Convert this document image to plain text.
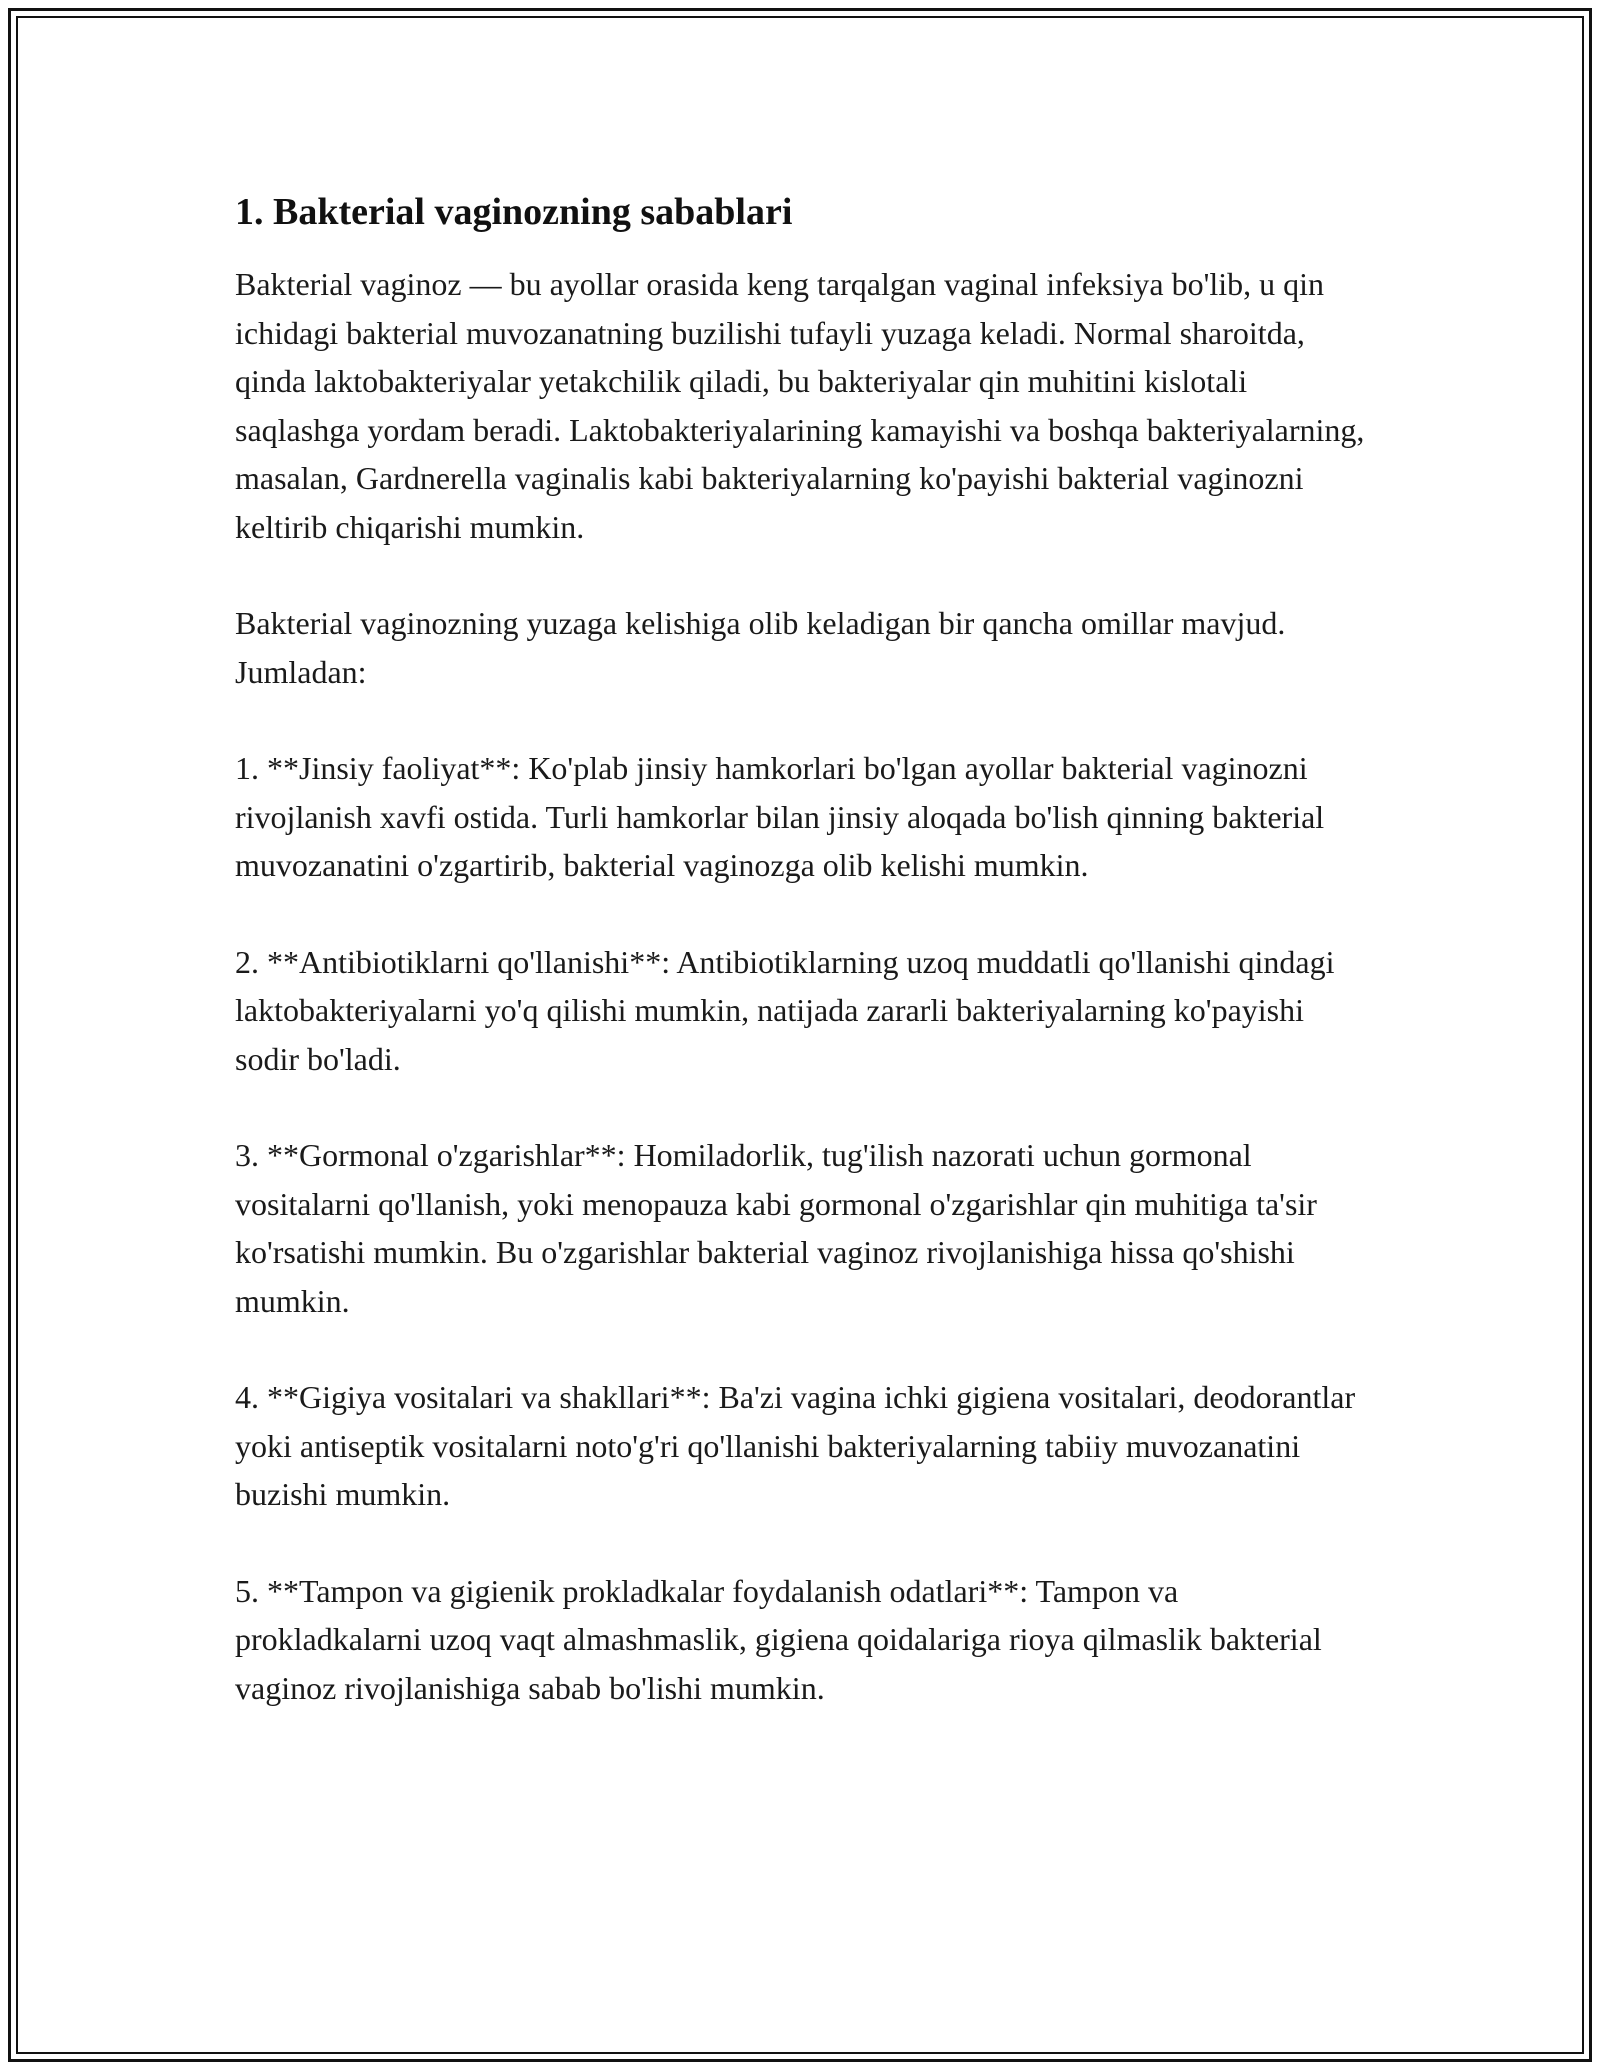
1. Bakterial vaginozning sabablari

Bakterial vaginoz — bu ayollar orasida keng tarqalgan vaginal infeksiya bo'lib, u qin ichidagi bakterial muvozanatning buzilishi tufayli yuzaga keladi. Normal sharoitda, qinda laktobakteriyalar yetakchilik qiladi, bu bakteriyalar qin muhitini kislotali saqlashga yordam beradi. Laktobakteriyalarining kamayishi va boshqa bakteriyalarning, masalan, Gardnerella vaginalis kabi bakteriyalarning ko'payishi bakterial vaginozni keltirib chiqarishi mumkin.

Bakterial vaginozning yuzaga kelishiga olib keladigan bir qancha omillar mavjud. Jumladan:

1. **Jinsiy faoliyat**: Ko'plab jinsiy hamkorlari bo'lgan ayollar bakterial vaginozni rivojlanish xavfi ostida. Turli hamkorlar bilan jinsiy aloqada bo'lish qinning bakterial muvozanatini o'zgartirib, bakterial vaginozga olib kelishi mumkin.

2. **Antibiotiklarni qo'llanishi**: Antibiotiklarning uzoq muddatli qo'llanishi qindagi laktobakteriyalarni yo'q qilishi mumkin, natijada zararli bakteriyalarning ko'payishi sodir bo'ladi.

3. **Gormonal o'zgarishlar**: Homiladorlik, tug'ilish nazorati uchun gormonal vositalarni qo'llanish, yoki menopauza kabi gormonal o'zgarishlar qin muhitiga ta'sir ko'rsatishi mumkin. Bu o'zgarishlar bakterial vaginoz rivojlanishiga hissa qo'shishi mumkin.

4. **Gigiya vositalari va shakllari**: Ba'zi vagina ichki gigiena vositalari, deodorantlar yoki antiseptik vositalarni noto'g'ri qo'llanishi bakteriyalarning tabiiy muvozanatini buzishi mumkin.

5. **Tampon va gigienik prokladkalar foydalanish odatlari**: Tampon va prokladkalarni uzoq vaqt almashmaslik, gigiena qoidalariga rioya qilmaslik bakterial vaginoz rivojlanishiga sabab bo'lishi mumkin.
